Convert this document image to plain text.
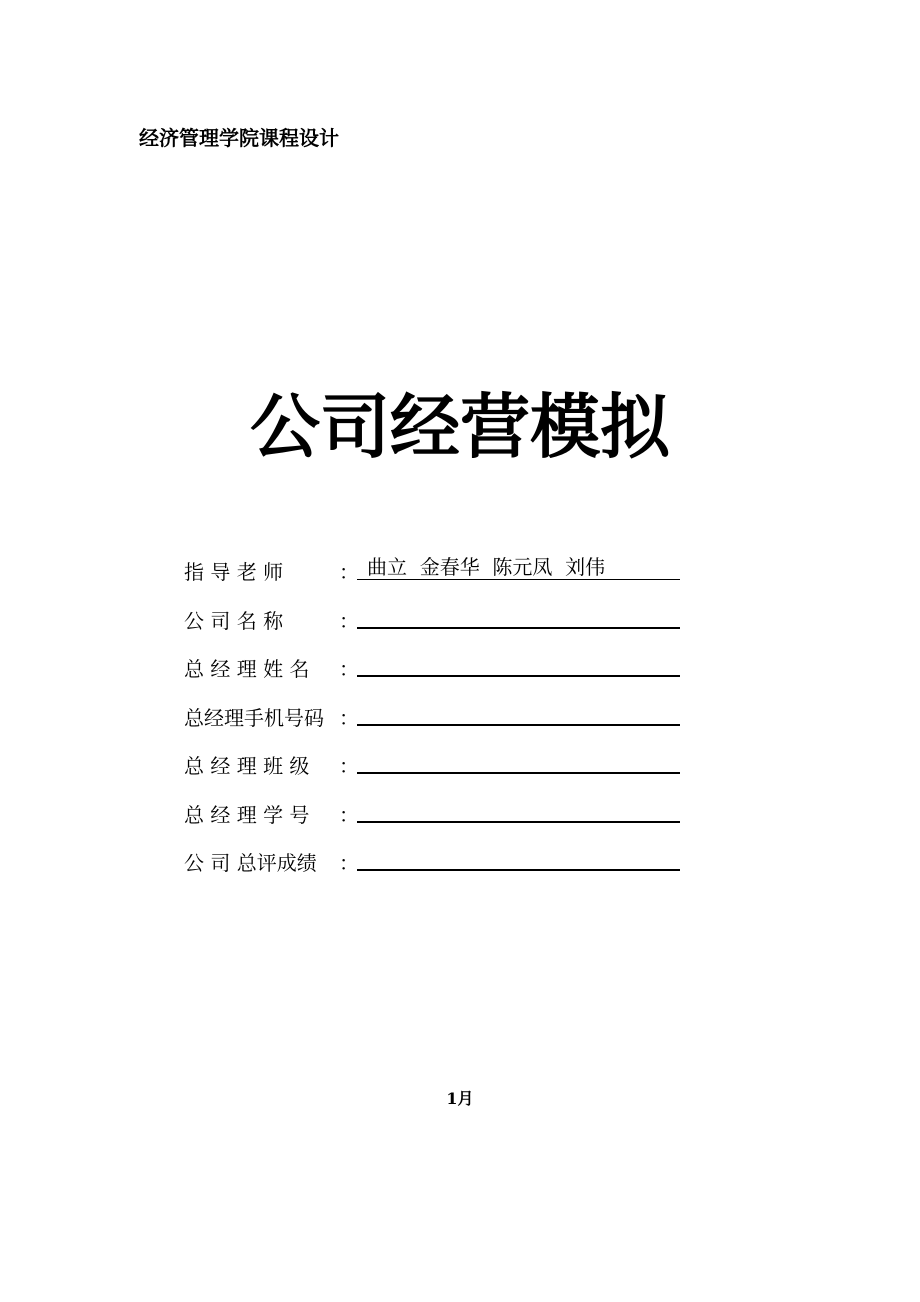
经济管理学院课程设计
公司经营模拟
指 导 老 师	： 曲立  金春华  陈元凤  刘伟
公 司 名 称	：
总 经 理 姓 名	：
总经理手机号码 ：
总 经 理 班 级	：
总 经 理 学 号	：
公 司 总评成绩	：
1月
